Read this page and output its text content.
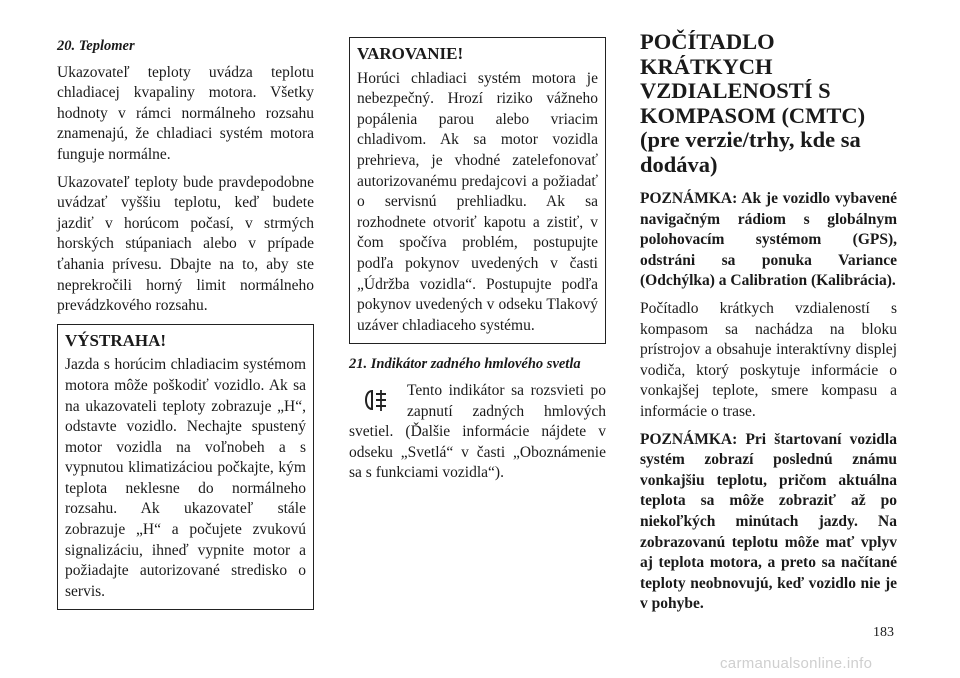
20. Teplomer

Ukazovateľ teploty uvádza teplotu chladiacej kvapaliny motora. Všetky hodnoty v rámci normálneho rozsahu znamenajú, že chladiaci systém motora funguje normálne.

Ukazovateľ teploty bude pravdepodobne uvádzať vyššiu teplotu, keď budete jazdiť v horúcom počasí, v strmých horských stúpaniach alebo v prípade ťahania prívesu. Dbajte na to, aby ste neprekročili horný limit normálneho prevádzkového rozsahu.

VÝSTRAHA!

Jazda s horúcim chladiacim systémom motora môže poškodiť vozidlo. Ak sa na ukazovateli teploty zobrazuje „H“, odstavte vozidlo. Nechajte spustený motor vozidla na voľnobeh a s vypnutou klimatizáciou počkajte, kým teplota neklesne do normálneho rozsahu. Ak ukazovateľ stále zobrazuje „H“ a počujete zvukovú signalizáciu, ihneď vypnite motor a požiadajte autorizované stredisko o servis.

VAROVANIE!

Horúci chladiaci systém motora je nebezpečný. Hrozí riziko vážneho popálenia parou alebo vriacim chladivom. Ak sa motor vozidla prehrieva, je vhodné zatelefonovať autorizovanému predajcovi a požiadať o servisnú prehliadku. Ak sa rozhodnete otvoriť kapotu a zistiť, v čom spočíva problém, postupujte podľa pokynov uvedených v časti „Údržba vozidla“. Postupujte podľa pokynov uvedených v odseku Tlakový uzáver chladiaceho systému.

21. Indikátor zadného hmlového svetla

Tento indikátor sa rozsvieti po zapnutí zadných hmlových svetiel. (Ďalšie informácie nájdete v odseku „Svetlá“ v časti „Oboznámenie sa s funkciami vozidla“).

POČÍTADLO
KRÁTKYCH
VZDIALENOSTÍ S
KOMPASOM (CMTC)
(pre verzie/trhy, kde sa
dodáva)

POZNÁMKA: Ak je vozidlo vybavené navigačným rádiom s globálnym polohovacím systémom (GPS), odstráni sa ponuka Variance (Odchýlka) a Calibration (Kalibrácia).

Počítadlo krátkych vzdialeností s kompasom sa nachádza na bloku prístrojov a obsahuje interaktívny displej vodiča, ktorý poskytuje informácie o vonkajšej teplote, smere kompasu a informácie o trase.

POZNÁMKA: Pri štartovaní vozidla systém zobrazí poslednú známu vonkajšiu teplotu, pričom aktuálna teplota sa môže zobraziť až po niekoľkých minútach jazdy. Na zobrazovanú teplotu môže mať vplyv aj teplota motora, a preto sa načítané teploty neobnovujú, keď vozidlo nie je v pohybe.

183
carmanualsonline.info
